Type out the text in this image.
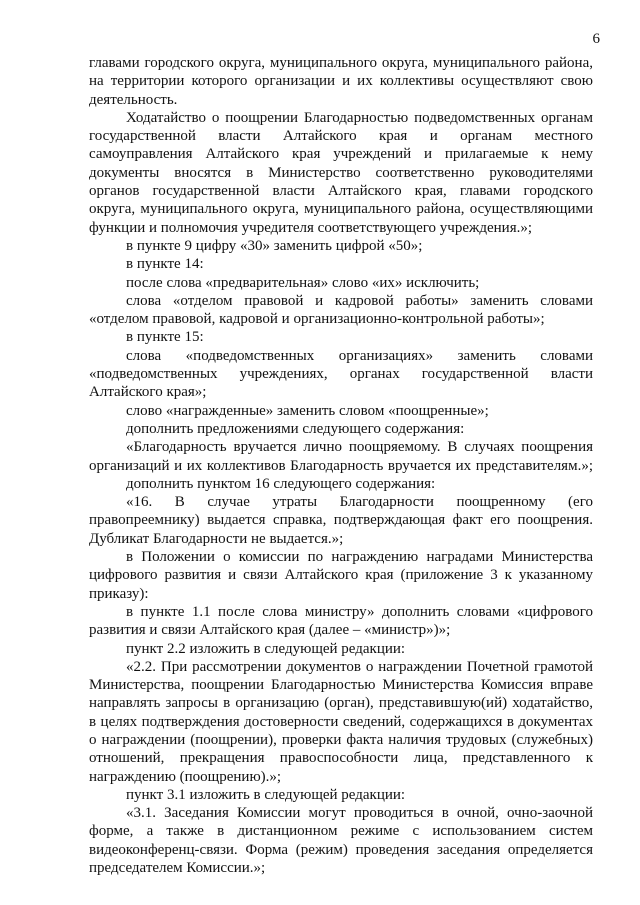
6
главами городского округа, муниципального округа, муниципального района,
на территории которого организации и их коллективы осуществляют свою
деятельность.
Ходатайство о поощрении Благодарностью подведомственных органам
государственной власти Алтайского края и органам местного
самоуправления Алтайского края учреждений и прилагаемые к нему
документы вносятся в Министерство соответственно руководителями
органов государственной власти Алтайского края, главами городского
округа, муниципального округа, муниципального района, осуществляющими
функции и полномочия учредителя соответствующего учреждения.»;
в пункте 9 цифру «30» заменить цифрой «50»;
в пункте 14:
после слова «предварительная» слово «их» исключить;
слова «отделом правовой и кадровой работы» заменить словами
«отделом правовой, кадровой и организационно-контрольной работы»;
в пункте 15:
слова «подведомственных организациях» заменить словами
«подведомственных учреждениях, органах государственной власти
Алтайского края»;
слово «награжденные» заменить словом «поощренные»;
дополнить предложениями следующего содержания:
«Благодарность вручается лично поощряемому. В случаях поощрения
организаций и их коллективов Благодарность вручается их представителям.»;
дополнить пунктом 16 следующего содержания:
«16. В случае утраты Благодарности поощренному (его
правопреемнику) выдается справка, подтверждающая факт его поощрения.
Дубликат Благодарности не выдается.»;
в Положении о комиссии по награждению наградами Министерства
цифрового развития и связи Алтайского края (приложение 3 к указанному
приказу):
в пункте 1.1 после слова министру» дополнить словами «цифрового
развития и связи Алтайского края (далее – «министр»)»;
пункт 2.2 изложить в следующей редакции:
«2.2. При рассмотрении документов о награждении Почетной грамотой
Министерства, поощрении Благодарностью Министерства Комиссия вправе
направлять запросы в организацию (орган), представившую(ий) ходатайство,
в целях подтверждения достоверности сведений, содержащихся в документах
о награждении (поощрении), проверки факта наличия трудовых (служебных)
отношений, прекращения правоспособности лица, представленного к
награждению (поощрению).»;
пункт 3.1 изложить в следующей редакции:
«3.1. Заседания Комиссии могут проводиться в очной, очно-заочной
форме, а также в дистанционном режиме с использованием систем
видеоконференц-связи. Форма (режим) проведения заседания определяется
председателем Комиссии.»;
